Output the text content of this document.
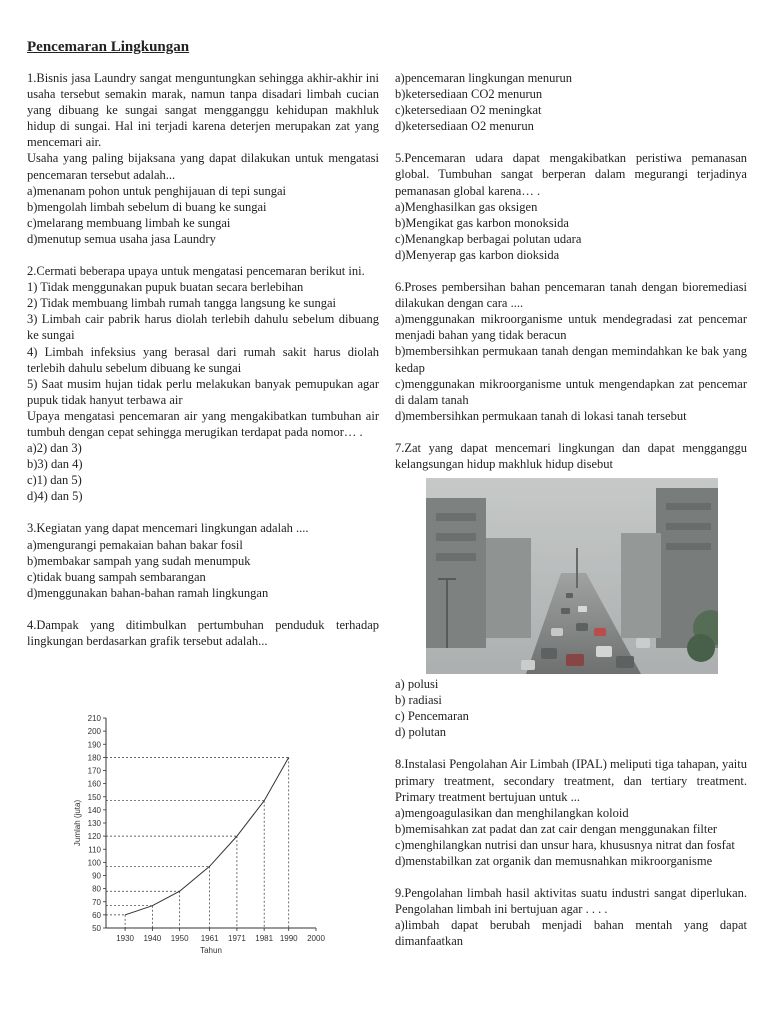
Pencemaran Lingkungan

1.Bisnis jasa Laundry sangat menguntungkan sehingga akhir-akhir ini usaha tersebut semakin marak, namun tanpa disadari limbah cucian yang dibuang ke sungai sangat mengganggu kehidupan makhluk hidup di sungai. Hal ini terjadi karena deterjen merupakan zat yang mencemari air.

Usaha yang paling bijaksana yang dapat dilakukan untuk mengatasi pencemaran tersebut adalah...

a)menanam pohon untuk penghijauan di tepi sungai
b)mengolah limbah sebelum di buang ke sungai
c)melarang membuang limbah ke sungai
d)menutup semua usaha jasa Laundry

2.Cermati beberapa upaya untuk mengatasi pencemaran berikut ini.

1) Tidak menggunakan pupuk buatan secara berlebihan

2) Tidak membuang limbah rumah tangga langsung ke sungai

3) Limbah cair pabrik harus diolah terlebih dahulu sebelum dibuang ke sungai

4) Limbah infeksius yang berasal dari rumah sakit harus diolah terlebih dahulu sebelum dibuang ke sungai

5) Saat musim hujan tidak perlu melakukan banyak pemupukan agar pupuk tidak hanyut terbawa air

Upaya mengatasi pencemaran air yang mengakibatkan tumbuhan air tumbuh dengan cepat sehingga merugikan terdapat pada nomor… .

a)2) dan 3)
b)3) dan 4)
c)1) dan 5)
d)4) dan 5)

3.Kegiatan yang dapat mencemari lingkungan adalah ....

a)mengurangi pemakaian bahan bakar fosil
b)membakar sampah yang sudah menumpuk
c)tidak buang sampah sembarangan
d)menggunakan bahan-bahan ramah lingkungan

4.Dampak yang ditimbulkan pertumbuhan penduduk terhadap lingkungan berdasarkan grafik tersebut adalah...

210
200
190
180
170
160
150
140
130
120
110
100
90
80
70
60
50
1930 1940 1950 1961 1971 1981 1990 2000
Tahun
Jumlah (juta)
a)pencemaran lingkungan menurun
b)ketersediaan CO2 menurun
c)ketersediaan O2 meningkat
d)ketersediaan O2 menurun

5.Pencemaran udara dapat mengakibatkan peristiwa pemanasan global. Tumbuhan sangat berperan dalam megurangi terjadinya pemanasan global karena… .

a)Menghasilkan gas oksigen
b)Mengikat gas karbon monoksida
c)Menangkap berbagai polutan udara
d)Menyerap gas karbon dioksida

6.Proses pembersihan bahan pencemaran tanah dengan bioremediasi dilakukan dengan cara ....

a)menggunakan mikroorganisme untuk mendegradasi zat pencemar menjadi bahan yang tidak beracun
b)membersihkan permukaan tanah dengan memindahkan ke bak yang kedap
c)menggunakan mikroorganisme untuk mengendapkan zat pencemar di dalam tanah
d)membersihkan permukaan tanah di lokasi tanah tersebut

7.Zat yang dapat mencemari lingkungan dan dapat mengganggu kelangsungan hidup makhluk hidup disebut

a) polusi
b) radiasi
c) Pencemaran
d) polutan

8.Instalasi Pengolahan Air Limbah (IPAL) meliputi tiga tahapan, yaitu primary treatment, secondary treatment, dan tertiary treatment. Primary treatment bertujuan untuk ...

a)mengoagulasikan dan menghilangkan koloid
b)memisahkan zat padat dan zat cair dengan menggunakan filter
c)menghilangkan nutrisi dan unsur hara, khususnya nitrat dan fosfat
d)menstabilkan zat organik dan memusnahkan mikroorganisme

9.Pengolahan limbah hasil aktivitas suatu industri sangat diperlukan. Pengolahan limbah ini bertujuan agar . . . .

a)limbah dapat berubah menjadi bahan mentah yang dapat dimanfaatkan
